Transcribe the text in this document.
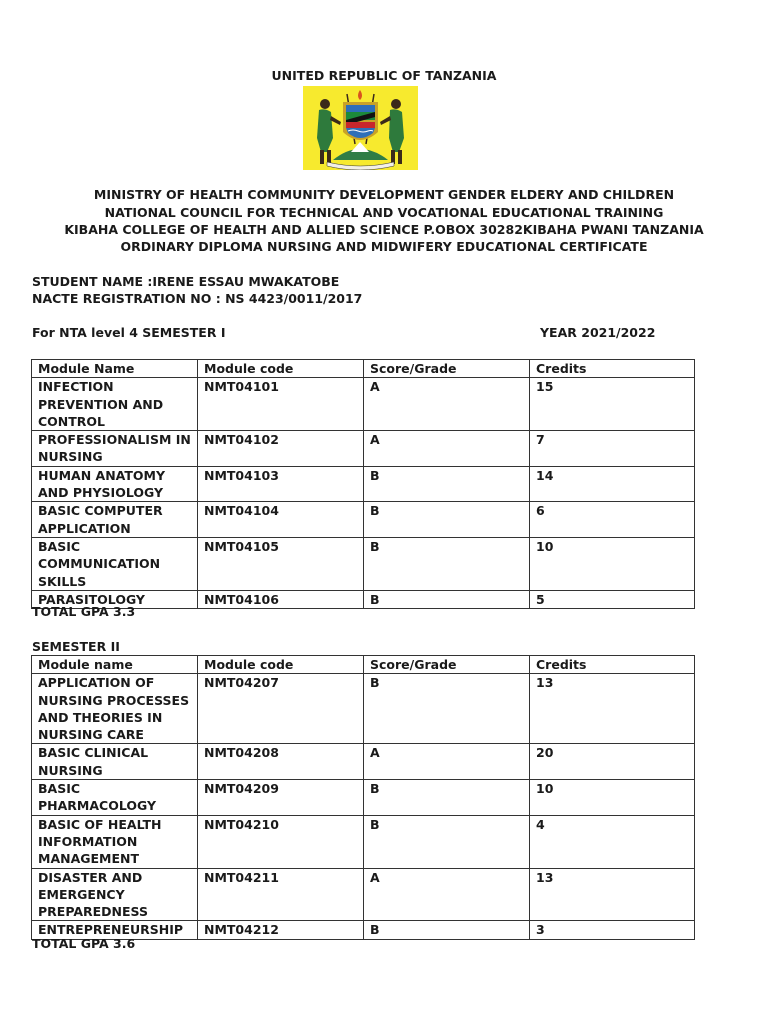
UNITED REPUBLIC OF TANZANIA
MINISTRY OF HEALTH COMMUNITY DEVELOPMENT GENDER ELDERY AND CHILDREN
NATIONAL COUNCIL FOR TECHNICAL AND VOCATIONAL EDUCATIONAL TRAINING
KIBAHA COLLEGE OF HEALTH AND ALLIED SCIENCE P.OBOX 30282KIBAHA PWANI TANZANIA
ORDINARY DIPLOMA NURSING AND MIDWIFERY EDUCATIONAL CERTIFICATE
STUDENT NAME :IRENE ESSAU MWAKATOBE
NACTE REGISTRATION NO : NS 4423/0011/2017
For NTA level 4 SEMESTER I	YEAR 2021/2022
Module Name	Module code	Score/Grade	Credits
INFECTION PREVENTION AND CONTROL	NMT04101	A	15
PROFESSIONALISM IN NURSING	NMT04102	A	7
HUMAN ANATOMY AND PHYSIOLOGY	NMT04103	B	14
BASIC COMPUTER APPLICATION	NMT04104	B	6
BASIC COMMUNICATION SKILLS	NMT04105	B	10
PARASITOLOGY	NMT04106	B	5
TOTAL GPA 3.3
SEMESTER II
Module name	Module code	Score/Grade	Credits
APPLICATION OF NURSING PROCESSES AND THEORIES IN NURSING CARE	NMT04207	B	13
BASIC CLINICAL NURSING	NMT04208	A	20
BASIC PHARMACOLOGY	NMT04209	B	10
BASIC OF HEALTH INFORMATION MANAGEMENT	NMT04210	B	4
DISASTER AND EMERGENCY PREPAREDNESS	NMT04211	A	13
ENTREPRENEURSHIP	NMT04212	B	3
TOTAL GPA 3.6
